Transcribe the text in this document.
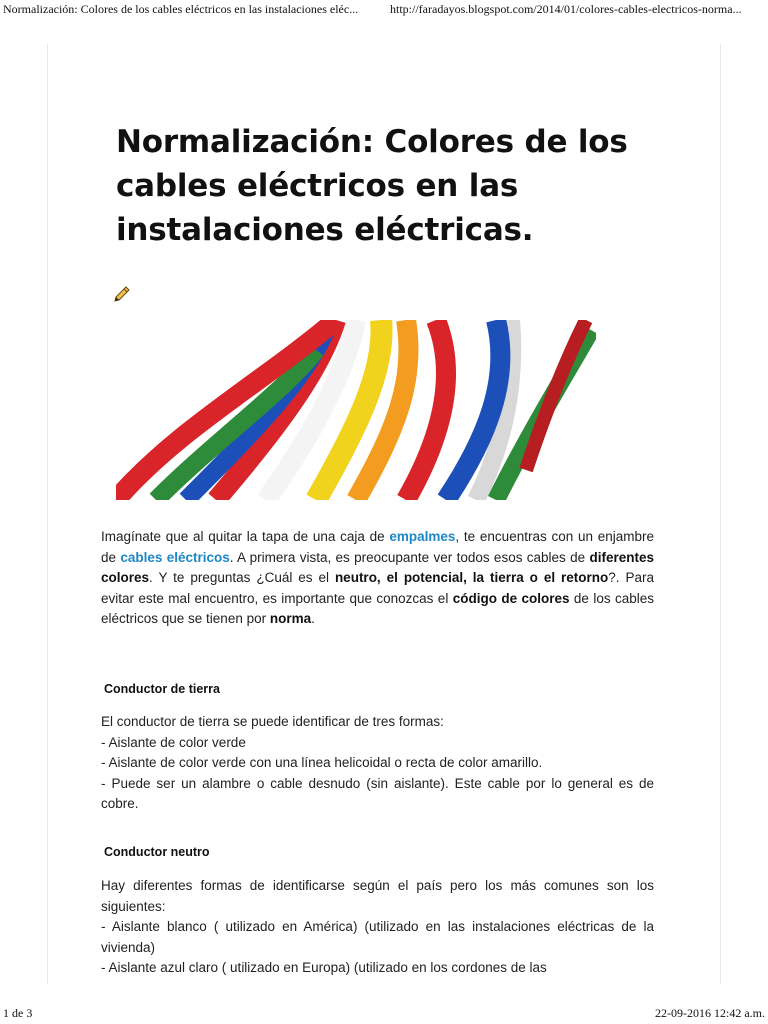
Normalización: Colores de los cables eléctricos en las instalaciones eléc...	http://faradayos.blogspot.com/2014/01/colores-cables-electricos-norma...
Normalización: Colores de los cables eléctricos en las instalaciones eléctricas.

Imagínate que al quitar la tapa de una caja de empalmes, te encuentras con un enjambre de cables eléctricos. A primera vista, es preocupante ver todos esos cables de diferentes colores. Y te preguntas ¿Cuál es el neutro, el potencial, la tierra o el retorno?. Para evitar este mal encuentro, es importante que conozcas el código de colores de los cables eléctricos que se tienen por norma.

Conductor de tierra

El conductor de tierra se puede identificar de tres formas:

- Aislante de color verde

- Aislante de color verde con una línea helicoidal o recta de color amarillo.

- Puede ser un alambre o cable desnudo (sin aislante). Este cable por lo general es de cobre.

Conductor neutro

Hay diferentes formas de identificarse según el país pero los más comunes son los siguientes:

- Aislante blanco ( utilizado en América) (utilizado en las instalaciones eléctricas de la vivienda)

- Aislante azul claro ( utilizado en Europa) (utilizado en los cordones de las

1 de 3	22-09-2016 12:42 a.m.
